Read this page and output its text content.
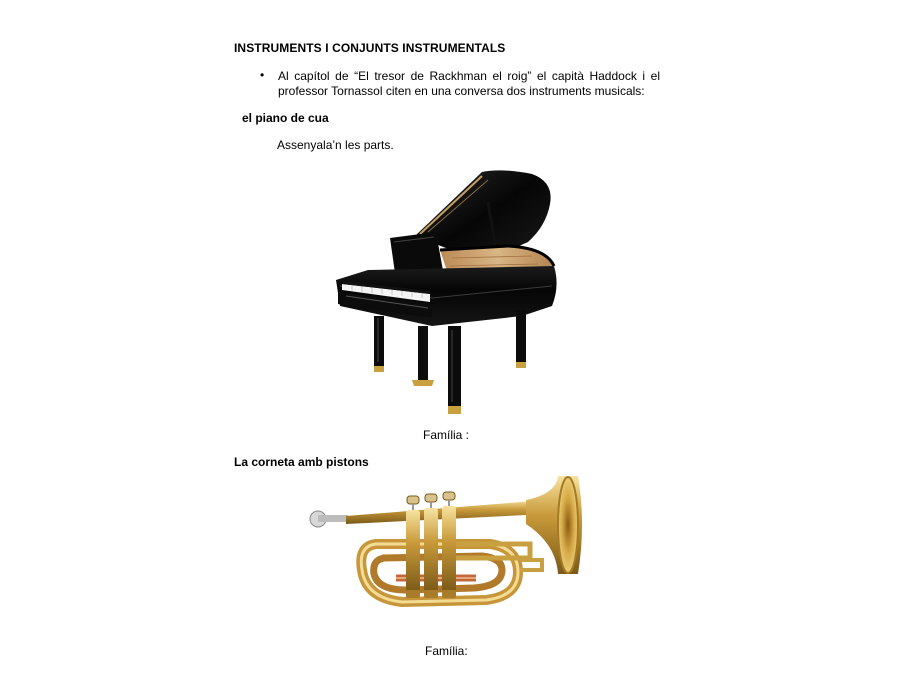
INSTRUMENTS I CONJUNTS INSTRUMENTALS
• Al capítol de “El tresor de Rackhman el roig” el capità Haddock i el professor Tornassol citen en una conversa dos instruments musicals:
el piano de cua
Assenyala’n les parts.
Família :
La corneta amb pistons
Família:
